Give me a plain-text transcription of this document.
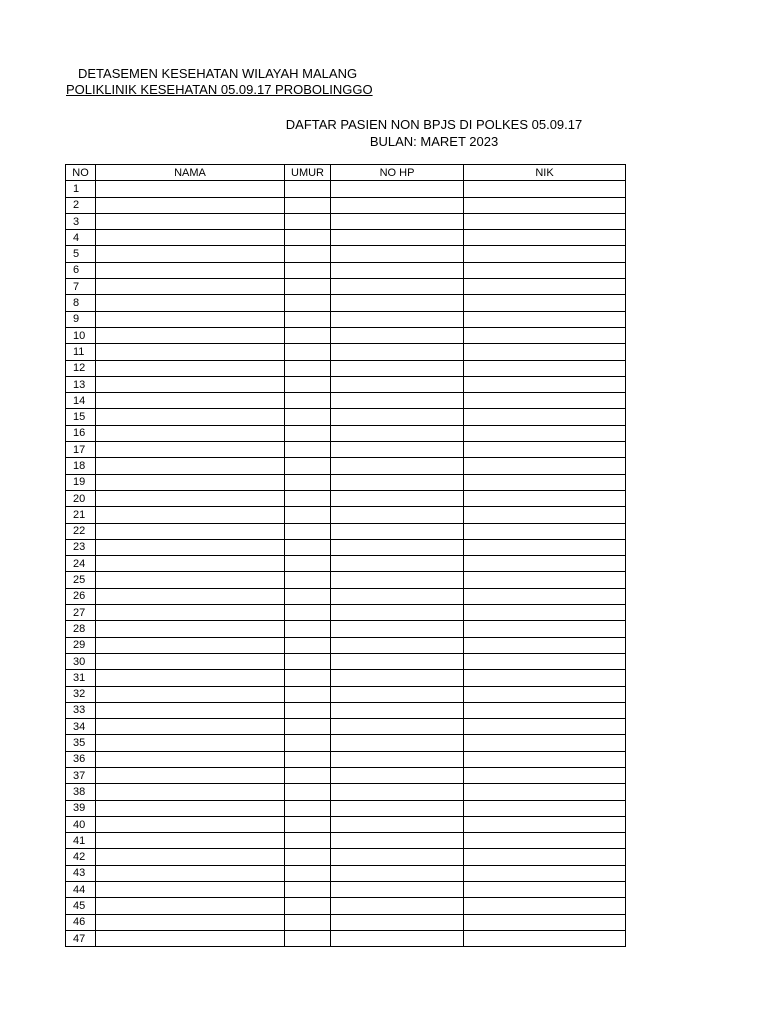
DETASEMEN KESEHATAN WILAYAH MALANG
POLIKLINIK KESEHATAN 05.09.17 PROBOLINGGO
DAFTAR PASIEN NON BPJS DI POLKES 05.09.17
BULAN: MARET 2023
NO	NAMA	UMUR	NO HP	NIK
1				
2				
3				
4				
5				
6				
7				
8				
9				
10				
11				
12				
13				
14				
15				
16				
17				
18				
19				
20				
21				
22				
23				
24				
25				
26				
27				
28				
29				
30				
31				
32				
33				
34				
35				
36				
37				
38				
39				
40				
41				
42				
43				
44				
45				
46				
47				
